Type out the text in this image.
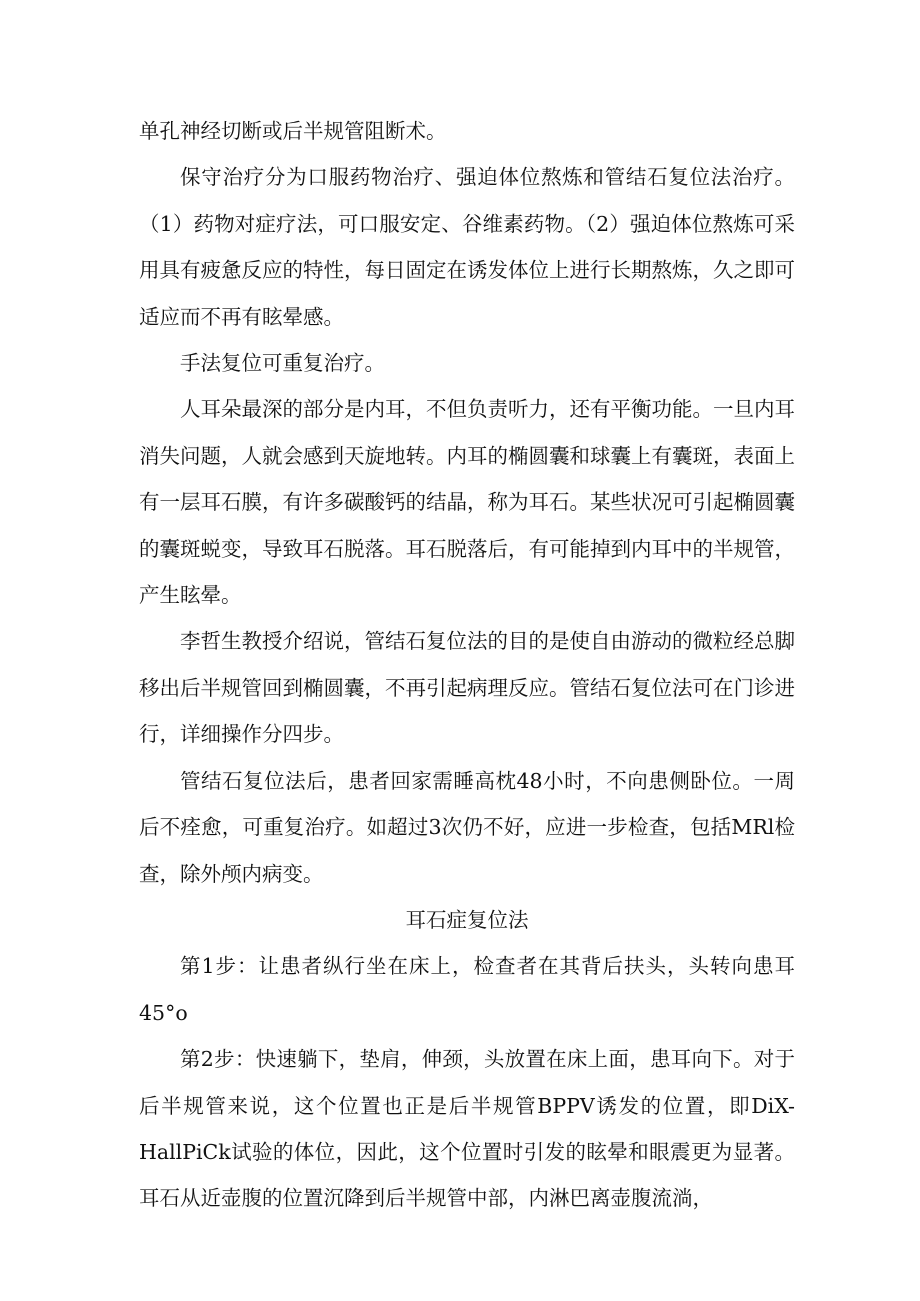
单孔神经切断或后半规管阻断术。

保守治疗分为口服药物治疗、强迫体位熬炼和管结石复位法治疗。（1）药物对症疗法，可口服安定、谷维素药物。（2）强迫体位熬炼可采用具有疲惫反应的特性，每日固定在诱发体位上进行长期熬炼，久之即可适应而不再有眩晕感。

手法复位可重复治疗。

人耳朵最深的部分是内耳，不但负责听力，还有平衡功能。一旦内耳消失问题，人就会感到天旋地转。内耳的椭圆囊和球囊上有囊斑，表面上有一层耳石膜，有许多碳酸钙的结晶，称为耳石。某些状况可引起椭圆囊的囊斑蜕变，导致耳石脱落。耳石脱落后，有可能掉到内耳中的半规管，产生眩晕。

李哲生教授介绍说，管结石复位法的目的是使自由游动的微粒经总脚移出后半规管回到椭圆囊，不再引起病理反应。管结石复位法可在门诊进行，详细操作分四步。

管结石复位法后，患者回家需睡高枕48小时，不向患侧卧位。一周后不痊愈，可重复治疗。如超过3次仍不好，应进一步检查，包括MRl检查，除外颅内病变。

耳石症复位法

第1步：让患者纵行坐在床上，检查者在其背后扶头，头转向患耳45°o

第2步：快速躺下，垫肩，伸颈，头放置在床上面，患耳向下。对于后半规管来说，这个位置也正是后半规管BPPV诱发的位置，即DiX-HallPiCk试验的体位，因此，这个位置时引发的眩晕和眼震更为显著。耳石从近壶腹的位置沉降到后半规管中部，内淋巴离壶腹流淌，
